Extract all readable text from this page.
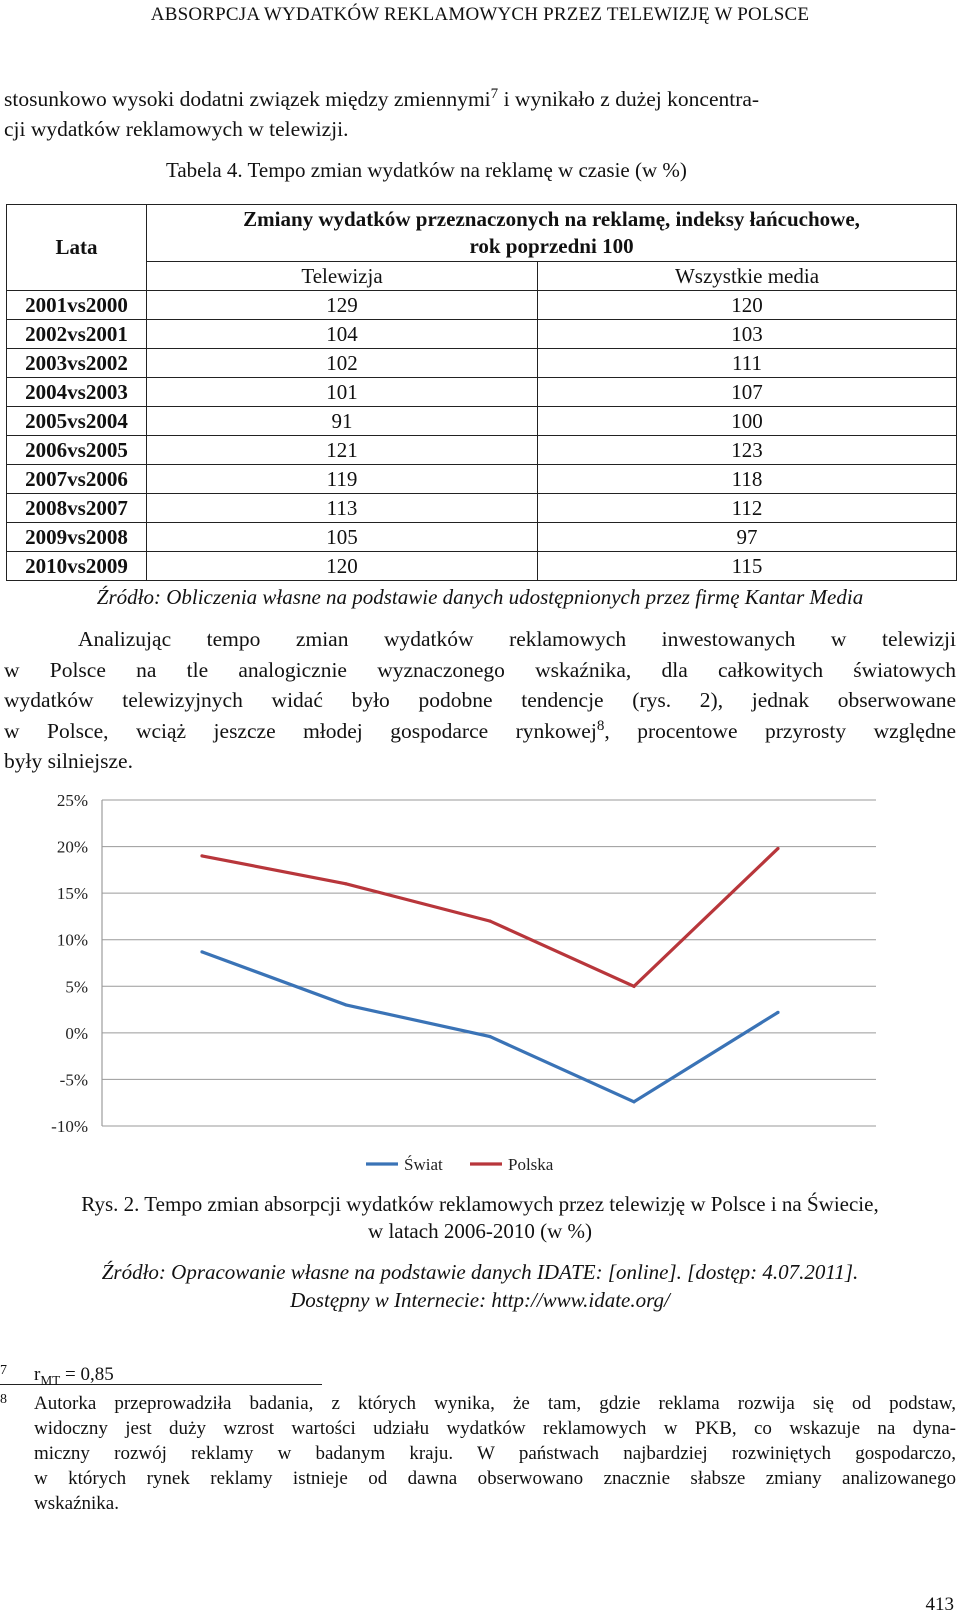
ABSORPCJA WYDATKÓW REKLAMOWYCH PRZEZ TELEWIZJĘ W POLSCE
stosunkowo wysoki dodatni związek między zmiennymi$^7$ i wynikało z dużej koncentra-
cji wydatków reklamowych w telewizji.
Tabela 4. Tempo zmian wydatków na reklamę w czasie (w %)
Lata	Zmiany wydatków przeznaczonych na reklamę, indeksy łańcuchowe,
rok poprzedni 100	

	Telewizja	Wszystkie media
2001vs2000	129	120
2002vs2001	104	103
2003vs2002	102	111
2004vs2003	101	107
2005vs2004	91	100
2006vs2005	121	123
2007vs2006	119	118
2008vs2007	113	112
2009vs2008	105	97
2010vs2009	120	115
Źródło: Obliczenia własne na podstawie danych udostępnionych przez firmę Kantar Media
Analizując tempo zmian wydatków reklamowych inwestowanych w telewizji
w Polsce na tle analogicznie wyznaczonego wskaźnika, dla całkowitych światowych
wydatków telewizyjnych widać było podobne tendencje (rys. 2), jednak obserwowane
w Polsce, wciąż jeszcze młodej gospodarce rynkowej$^8$, procentowe przyrosty względne
były silniejsze.
25%
20%
15%
10%
5%
0%
-5%
-10%
Świat	Polska
Rys. 2. Tempo zmian absorpcji wydatków reklamowych przez telewizję w Polsce i na Świecie,
w latach 2006-2010 (w %)
Źródło: Opracowanie własne na podstawie danych IDATE: [online]. [dostęp: 4.07.2011].
Dostępny w Internecie: http://www.idate.org/
7 $r_{MT} = 0,85$
8 Autorka przeprowadziła badania, z których wynika, że tam, gdzie reklama rozwija się od podstaw,
widoczny jest duży wzrost wartości udziału wydatków reklamowych w PKB, co wskazuje na dyna-
miczny rozwój reklamy w badanym kraju. W państwach najbardziej rozwiniętych gospodarczo,
w których rynek reklamy istnieje od dawna obserwowano znacznie słabsze zmiany analizowanego
wskaźnika.
413
